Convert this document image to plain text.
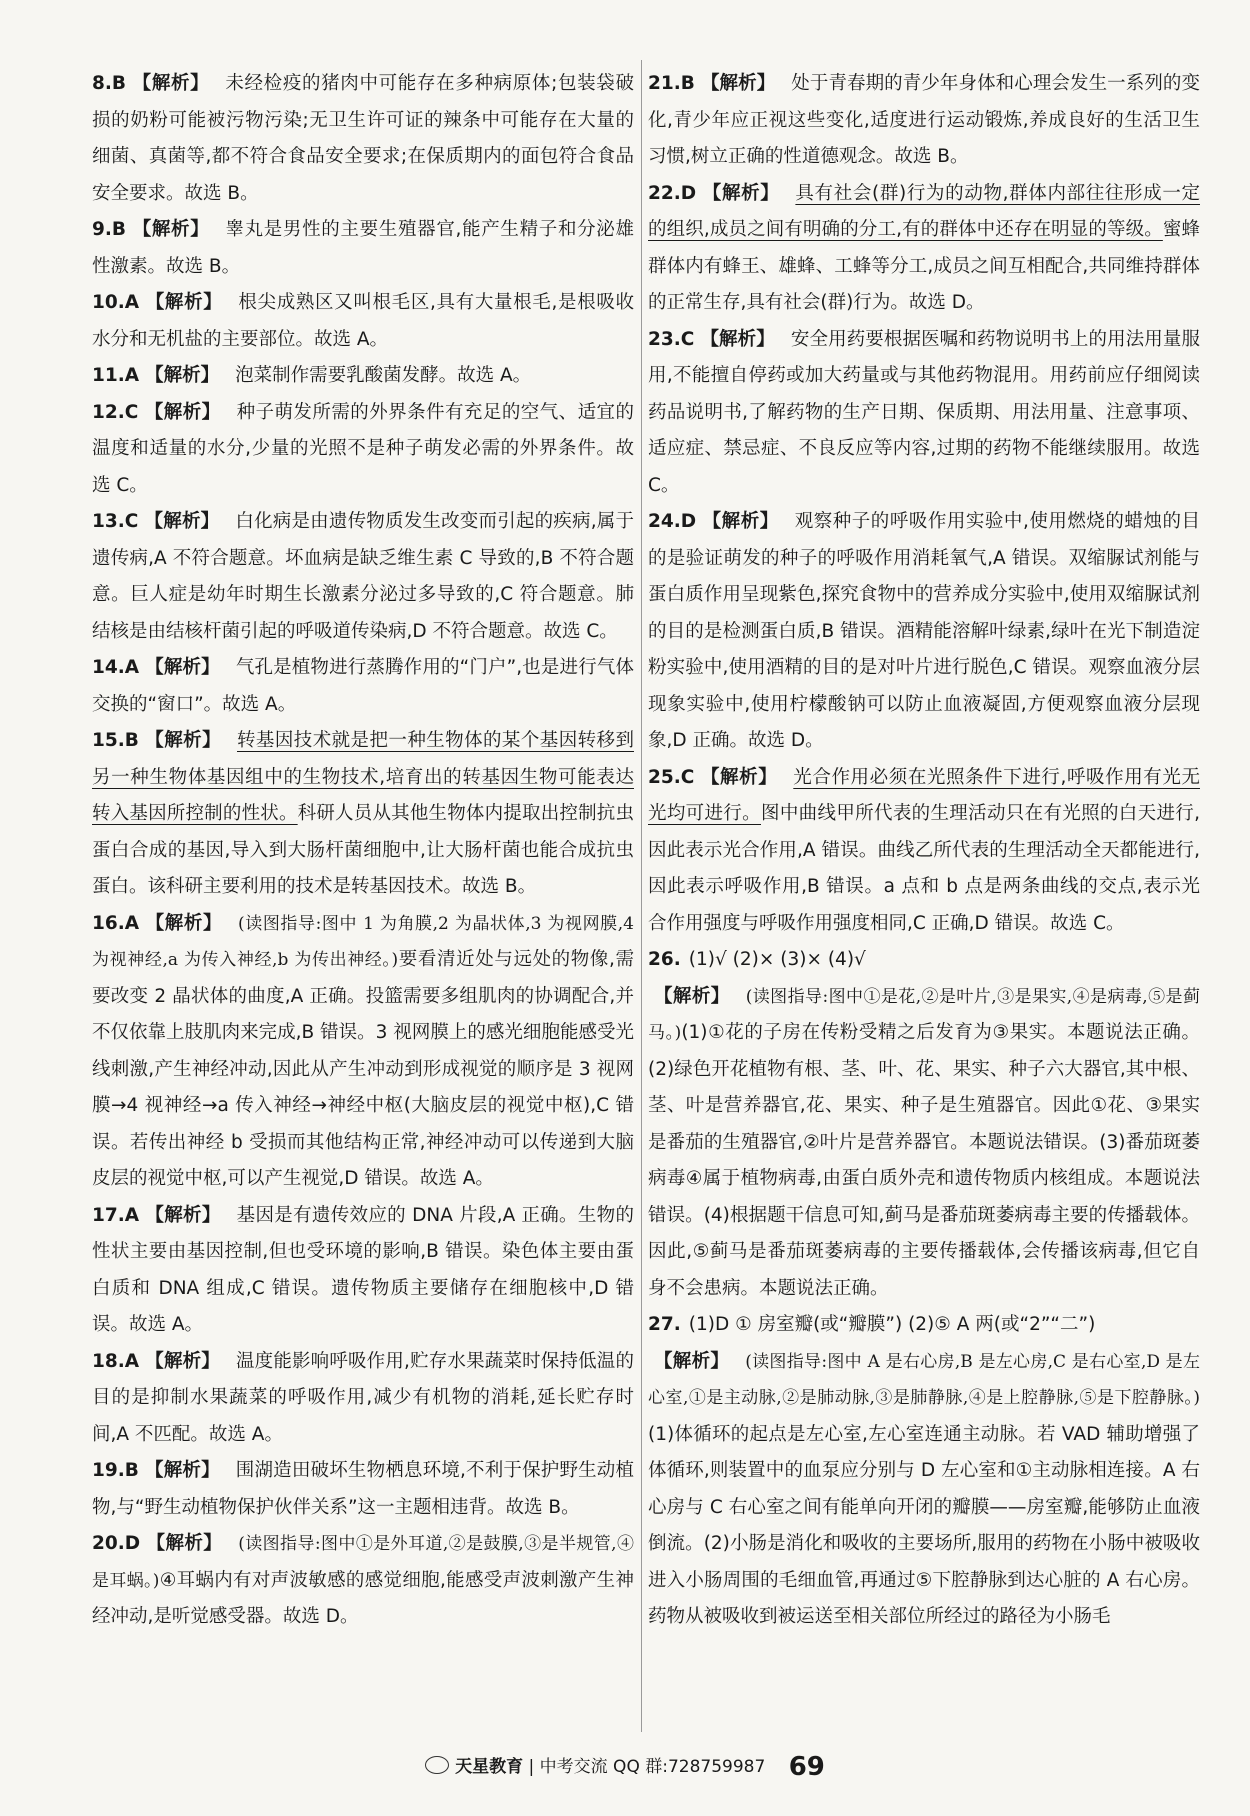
8.B 【解析】 未经检疫的猪肉中可能存在多种病原体;包装袋破损的奶粉可能被污物污染;无卫生许可证的辣条中可能存在大量的细菌、真菌等,都不符合食品安全要求;在保质期内的面包符合食品安全要求。故选 B。

9.B 【解析】 睾丸是男性的主要生殖器官,能产生精子和分泌雄性激素。故选 B。

10.A 【解析】 根尖成熟区又叫根毛区,具有大量根毛,是根吸收水分和无机盐的主要部位。故选 A。

11.A 【解析】 泡菜制作需要乳酸菌发酵。故选 A。

12.C 【解析】 种子萌发所需的外界条件有充足的空气、适宜的温度和适量的水分,少量的光照不是种子萌发必需的外界条件。故选 C。

13.C 【解析】 白化病是由遗传物质发生改变而引起的疾病,属于遗传病,A 不符合题意。坏血病是缺乏维生素 C 导致的,B 不符合题意。巨人症是幼年时期生长激素分泌过多导致的,C 符合题意。肺结核是由结核杆菌引起的呼吸道传染病,D 不符合题意。故选 C。

14.A 【解析】 气孔是植物进行蒸腾作用的“门户”,也是进行气体交换的“窗口”。故选 A。

15.B 【解析】 转基因技术就是把一种生物体的某个基因转移到另一种生物体基因组中的生物技术,培育出的转基因生物可能表达转入基因所控制的性状。科研人员从其他生物体内提取出控制抗虫蛋白合成的基因,导入到大肠杆菌细胞中,让大肠杆菌也能合成抗虫蛋白。该科研主要利用的技术是转基因技术。故选 B。

16.A 【解析】 (读图指导:图中 1 为角膜,2 为晶状体,3 为视网膜,4 为视神经,a 为传入神经,b 为传出神经。)要看清近处与远处的物像,需要改变 2 晶状体的曲度,A 正确。投篮需要多组肌肉的协调配合,并不仅依靠上肢肌肉来完成,B 错误。3 视网膜上的感光细胞能感受光线刺激,产生神经冲动,因此从产生冲动到形成视觉的顺序是 3 视网膜→4 视神经→a 传入神经→神经中枢(大脑皮层的视觉中枢),C 错误。若传出神经 b 受损而其他结构正常,神经冲动可以传递到大脑皮层的视觉中枢,可以产生视觉,D 错误。故选 A。

17.A 【解析】 基因是有遗传效应的 DNA 片段,A 正确。生物的性状主要由基因控制,但也受环境的影响,B 错误。染色体主要由蛋白质和 DNA 组成,C 错误。遗传物质主要储存在细胞核中,D 错误。故选 A。

18.A 【解析】 温度能影响呼吸作用,贮存水果蔬菜时保持低温的目的是抑制水果蔬菜的呼吸作用,减少有机物的消耗,延长贮存时间,A 不匹配。故选 A。

19.B 【解析】 围湖造田破坏生物栖息环境,不利于保护野生动植物,与“野生动植物保护伙伴关系”这一主题相违背。故选 B。

20.D 【解析】 (读图指导:图中①是外耳道,②是鼓膜,③是半规管,④是耳蜗。)④耳蜗内有对声波敏感的感觉细胞,能感受声波刺激产生神经冲动,是听觉感受器。故选 D。

21.B 【解析】 处于青春期的青少年身体和心理会发生一系列的变化,青少年应正视这些变化,适度进行运动锻炼,养成良好的生活卫生习惯,树立正确的性道德观念。故选 B。

22.D 【解析】 具有社会(群)行为的动物,群体内部往往形成一定的组织,成员之间有明确的分工,有的群体中还存在明显的等级。蜜蜂群体内有蜂王、雄蜂、工蜂等分工,成员之间互相配合,共同维持群体的正常生存,具有社会(群)行为。故选 D。

23.C 【解析】 安全用药要根据医嘱和药物说明书上的用法用量服用,不能擅自停药或加大药量或与其他药物混用。用药前应仔细阅读药品说明书,了解药物的生产日期、保质期、用法用量、注意事项、适应症、禁忌症、不良反应等内容,过期的药物不能继续服用。故选 C。

24.D 【解析】 观察种子的呼吸作用实验中,使用燃烧的蜡烛的目的是验证萌发的种子的呼吸作用消耗氧气,A 错误。双缩脲试剂能与蛋白质作用呈现紫色,探究食物中的营养成分实验中,使用双缩脲试剂的目的是检测蛋白质,B 错误。酒精能溶解叶绿素,绿叶在光下制造淀粉实验中,使用酒精的目的是对叶片进行脱色,C 错误。观察血液分层现象实验中,使用柠檬酸钠可以防止血液凝固,方便观察血液分层现象,D 正确。故选 D。

25.C 【解析】 光合作用必须在光照条件下进行,呼吸作用有光无光均可进行。图中曲线甲所代表的生理活动只在有光照的白天进行,因此表示光合作用,A 错误。曲线乙所代表的生理活动全天都能进行,因此表示呼吸作用,B 错误。a 点和 b 点是两条曲线的交点,表示光合作用强度与呼吸作用强度相同,C 正确,D 错误。故选 C。

26. (1)√ (2)× (3)× (4)√
【解析】 (读图指导:图中①是花,②是叶片,③是果实,④是病毒,⑤是蓟马。)(1)①花的子房在传粉受精之后发育为③果实。本题说法正确。(2)绿色开花植物有根、茎、叶、花、果实、种子六大器官,其中根、茎、叶是营养器官,花、果实、种子是生殖器官。因此①花、③果实是番茄的生殖器官,②叶片是营养器官。本题说法错误。(3)番茄斑萎病毒④属于植物病毒,由蛋白质外壳和遗传物质内核组成。本题说法错误。(4)根据题干信息可知,蓟马是番茄斑萎病毒主要的传播载体。因此,⑤蓟马是番茄斑萎病毒的主要传播载体,会传播该病毒,但它自身不会患病。本题说法正确。

27. (1)D ① 房室瓣(或“瓣膜”) (2)⑤ A 两(或“2”“二”)
【解析】 (读图指导:图中 A 是右心房,B 是左心房,C 是右心室,D 是左心室,①是主动脉,②是肺动脉,③是肺静脉,④是上腔静脉,⑤是下腔静脉。)(1)体循环的起点是左心室,左心室连通主动脉。若 VAD 辅助增强了体循环,则装置中的血泵应分别与 D 左心室和①主动脉相连接。A 右心房与 C 右心室之间有能单向开闭的瓣膜——房室瓣,能够防止血液倒流。(2)小肠是消化和吸收的主要场所,服用的药物在小肠中被吸收进入小肠周围的毛细血管,再通过⑤下腔静脉到达心脏的 A 右心房。药物从被吸收到被运送至相关部位所经过的路径为小肠毛

天星教育 | 中考交流 QQ 群:728759987 69
